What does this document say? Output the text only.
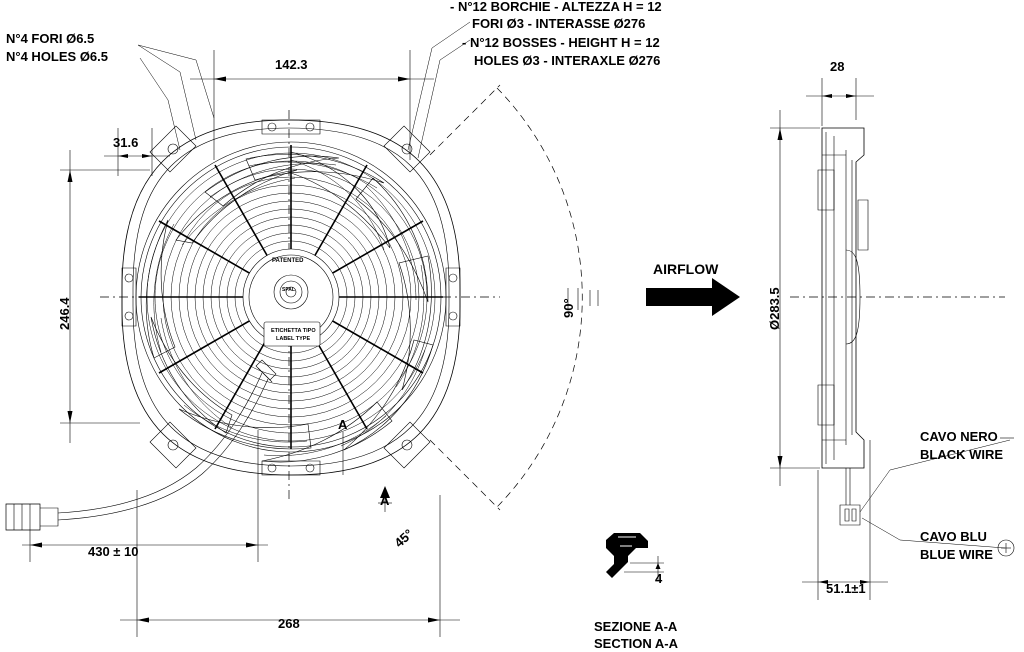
N°4 FORI Ø6.5
N°4 HOLES Ø6.5
- N°12 BORCHIE - ALTEZZA H = 12
FORI Ø3 - INTERASSE Ø276
- N°12 BOSSES - HEIGHT H = 12
HOLES Ø3 - INTERAXLE Ø276
142.3
31.6
246.4
268
430 ± 10
90°
45°
A
A
PATENTED
SPAL
ETICHETTA TIPO
LABEL TYPE
AIRFLOW
28
Ø283.5
51.1±1
CAVO NERO
BLACK WIRE
CAVO BLU
BLUE WIRE
4
SEZIONE A-A
SECTION A-A
